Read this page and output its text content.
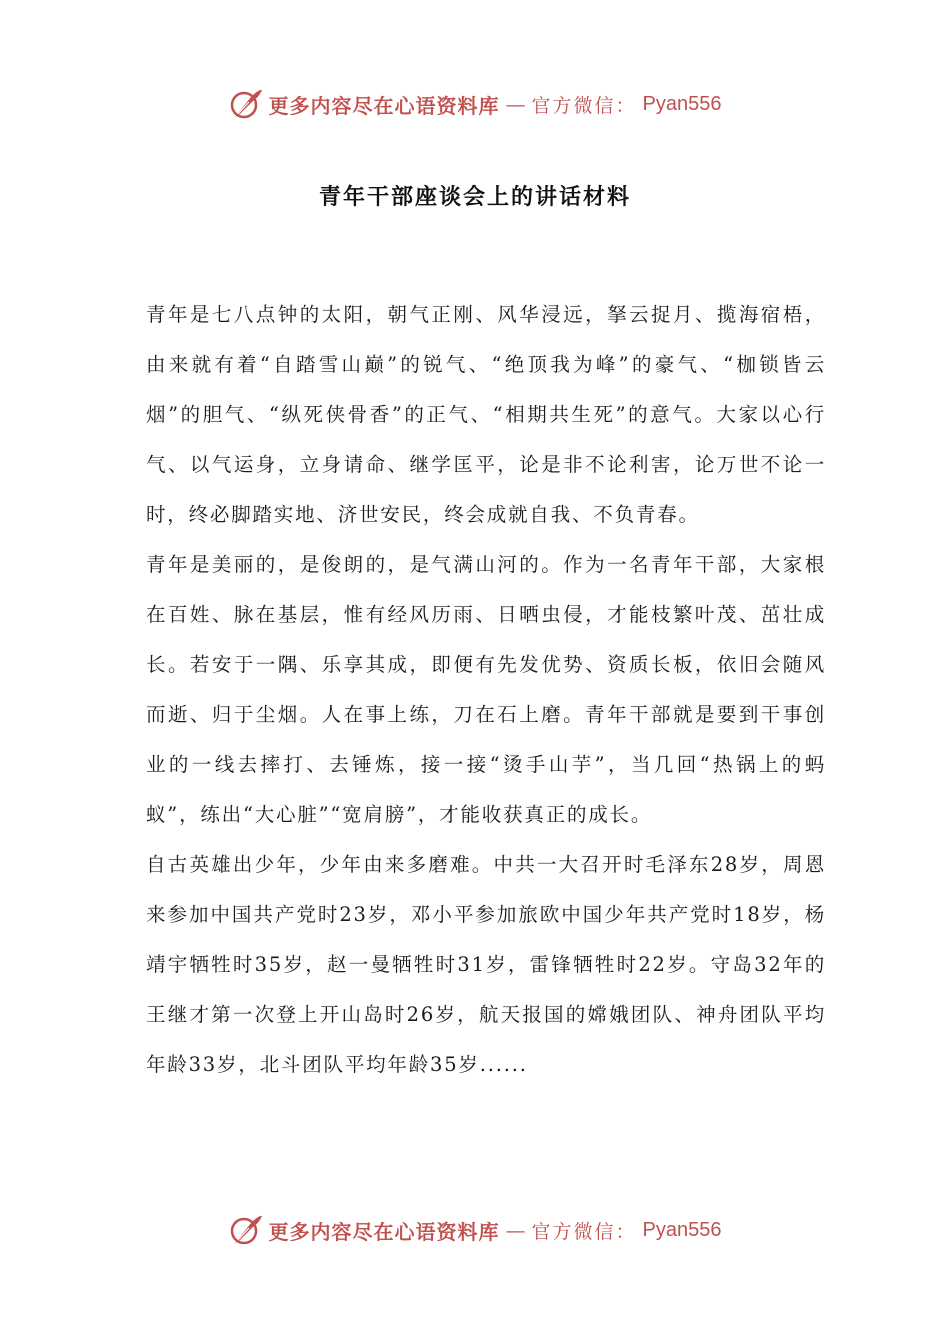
更多内容尽在心语资料库 — 官方微信： Pyan556
青年干部座谈会上的讲话材料

青年是七八点钟的太阳，朝气正刚、风华浸远，拏云捉月、揽海宿梧，由来就有着“自踏雪山巅”的锐气、“绝顶我为峰”的豪气、“枷锁皆云烟”的胆气、“纵死侠骨香”的正气、“相期共生死”的意气。大家以心行气、以气运身，立身请命、继学匡平，论是非不论利害，论万世不论一时，终必脚踏实地、济世安民，终会成就自我、不负青春。

青年是美丽的，是俊朗的，是气满山河的。作为一名青年干部，大家根在百姓、脉在基层，惟有经风历雨、日晒虫侵，才能枝繁叶茂、茁壮成长。若安于一隅、乐享其成，即便有先发优势、资质长板，依旧会随风而逝、归于尘烟。人在事上练，刀在石上磨。青年干部就是要到干事创业的一线去摔打、去锤炼，接一接“烫手山芋”，当几回“热锅上的蚂蚁”，练出“大心脏”“宽肩膀”，才能收获真正的成长。

自古英雄出少年，少年由来多磨难。中共一大召开时毛泽东28岁，周恩来参加中国共产党时23岁，邓小平参加旅欧中国少年共产党时18岁，杨靖宇牺牲时35岁，赵一曼牺牲时31岁，雷锋牺牲时22岁。守岛32年的王继才第一次登上开山岛时26岁，航天报国的嫦娥团队、神舟团队平均年龄33岁，北斗团队平均年龄35岁......

更多内容尽在心语资料库 — 官方微信： Pyan556
